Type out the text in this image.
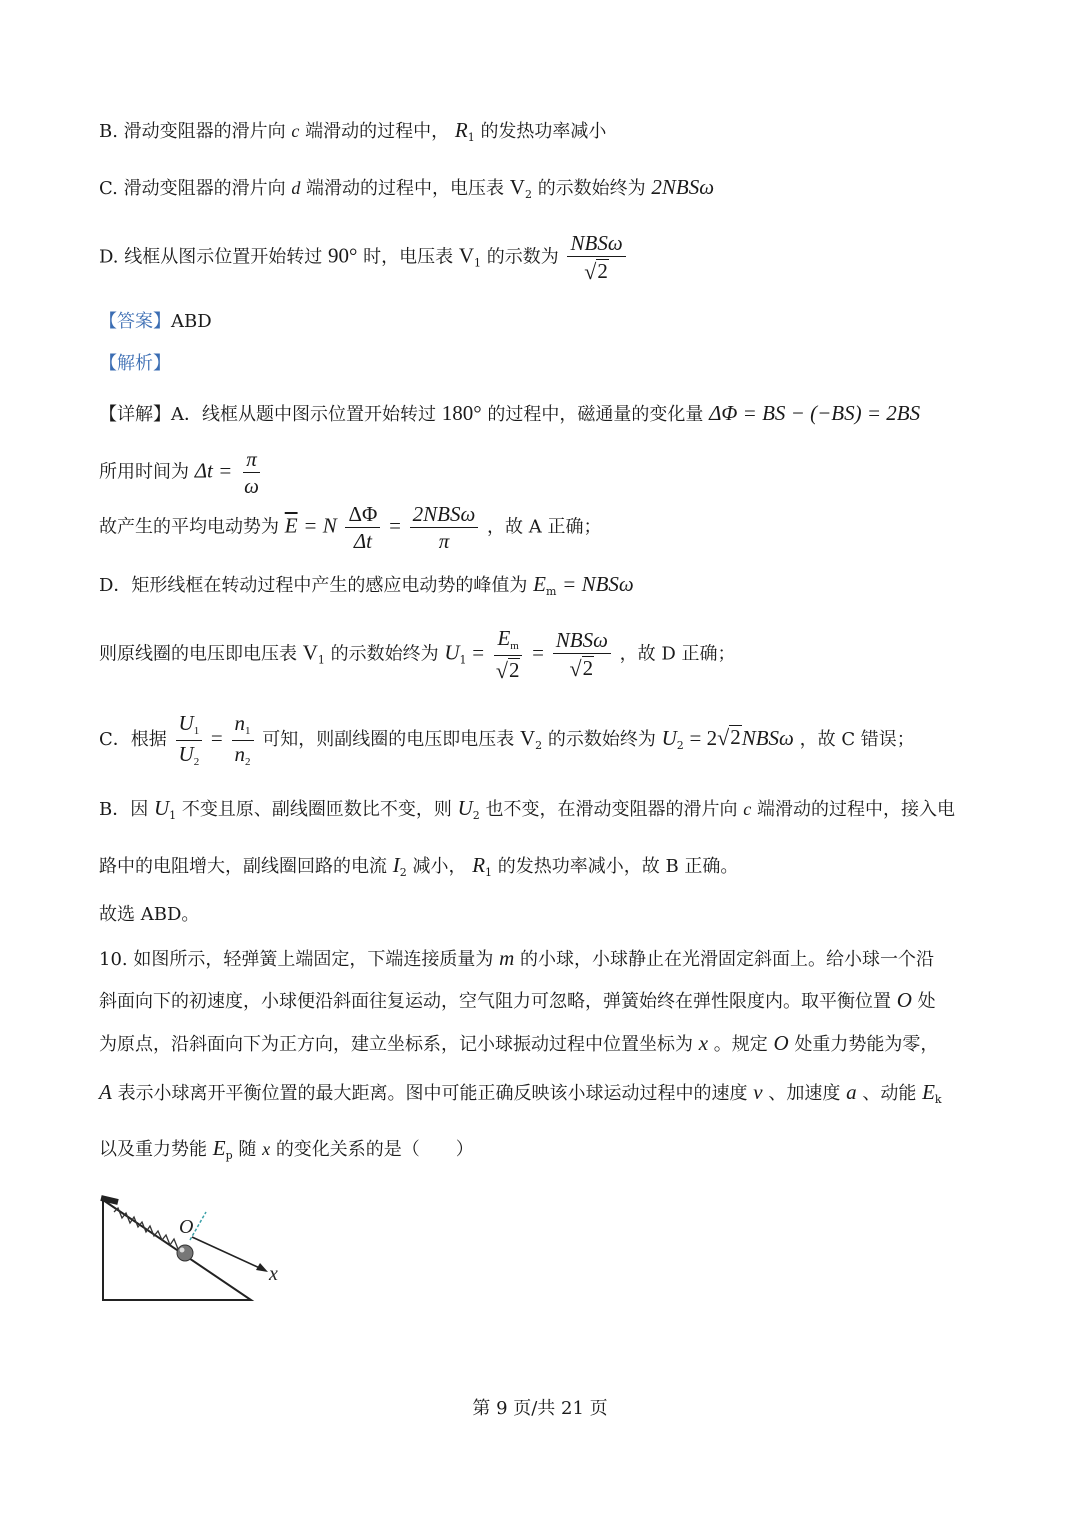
B. 滑动变阻器的滑片向 c 端滑动的过程中， $R_1$ 的发热功率减小
C. 滑动变阻器的滑片向 d 端滑动的过程中，电压表 $V_2$ 的示数始终为 2NBSω
D. 线框从图示位置开始转过 90° 时，电压表 $V_1$ 的示数为 $\frac{\text{NBSω}}{√ 2}$
【答案】ABD
【解析】
【详解】A．线框从题中图示位置开始转过 180° 的过程中，磁通量的变化量 ΔΦ = BS − (−BS) = 2BS
所用时间为 $\Delta t = \frac{\pi}{\omega}$
故产生的平均电动势为 $\overline{E} = N \frac{\Delta\Phi}{\Delta t} = \frac{\text{2NBSω}}{\pi}$ ，故 A 正确；
D．矩形线框在转动过程中产生的感应电动势的峰值为 $E_m = NBS\omega$
则原线圈的电压即电压表 $V_1$ 的示数始终为 $U_1 = \frac{E_m}{√ 2} = \frac{\text{NBSω}}{√ 2}$ ，故 D 正确；
C．根据 $\frac{U_1}{U_2} = \frac{n_1}{n_2}$ 可知，则副线圈的电压即电压表 $V_2$ 的示数始终为 $U_2 = 2$ √ 2 NBSω ，故 C 错误；
B．因 $U_1$ 不变且原、副线圈匝数比不变，则 $U_2$ 也不变，在滑动变阻器的滑片向 c 端滑动的过程中，接入电
路中的电阻增大，副线圈回路的电流 $I_2$ 减小， $R_1$ 的发热功率减小，故 B 正确。
故选 ABD。
10. 如图所示，轻弹簧上端固定，下端连接质量为 m 的小球，小球静止在光滑固定斜面上。给小球一个沿
斜面向下的初速度，小球便沿斜面往复运动，空气阻力可忽略，弹簧始终在弹性限度内。取平衡位置 O 处
为原点，沿斜面向下为正方向，建立坐标系，记小球振动过程中位置坐标为 x 。规定 O 处重力势能为零，
A 表示小球离开平衡位置的最大距离。图中可能正确反映该小球运动过程中的速度 v 、加速度 a 、动能 $E_k$
以及重力势能 $E_p$ 随 x 的变化关系的是（　　）
O
x
第 9 页/共 21 页
